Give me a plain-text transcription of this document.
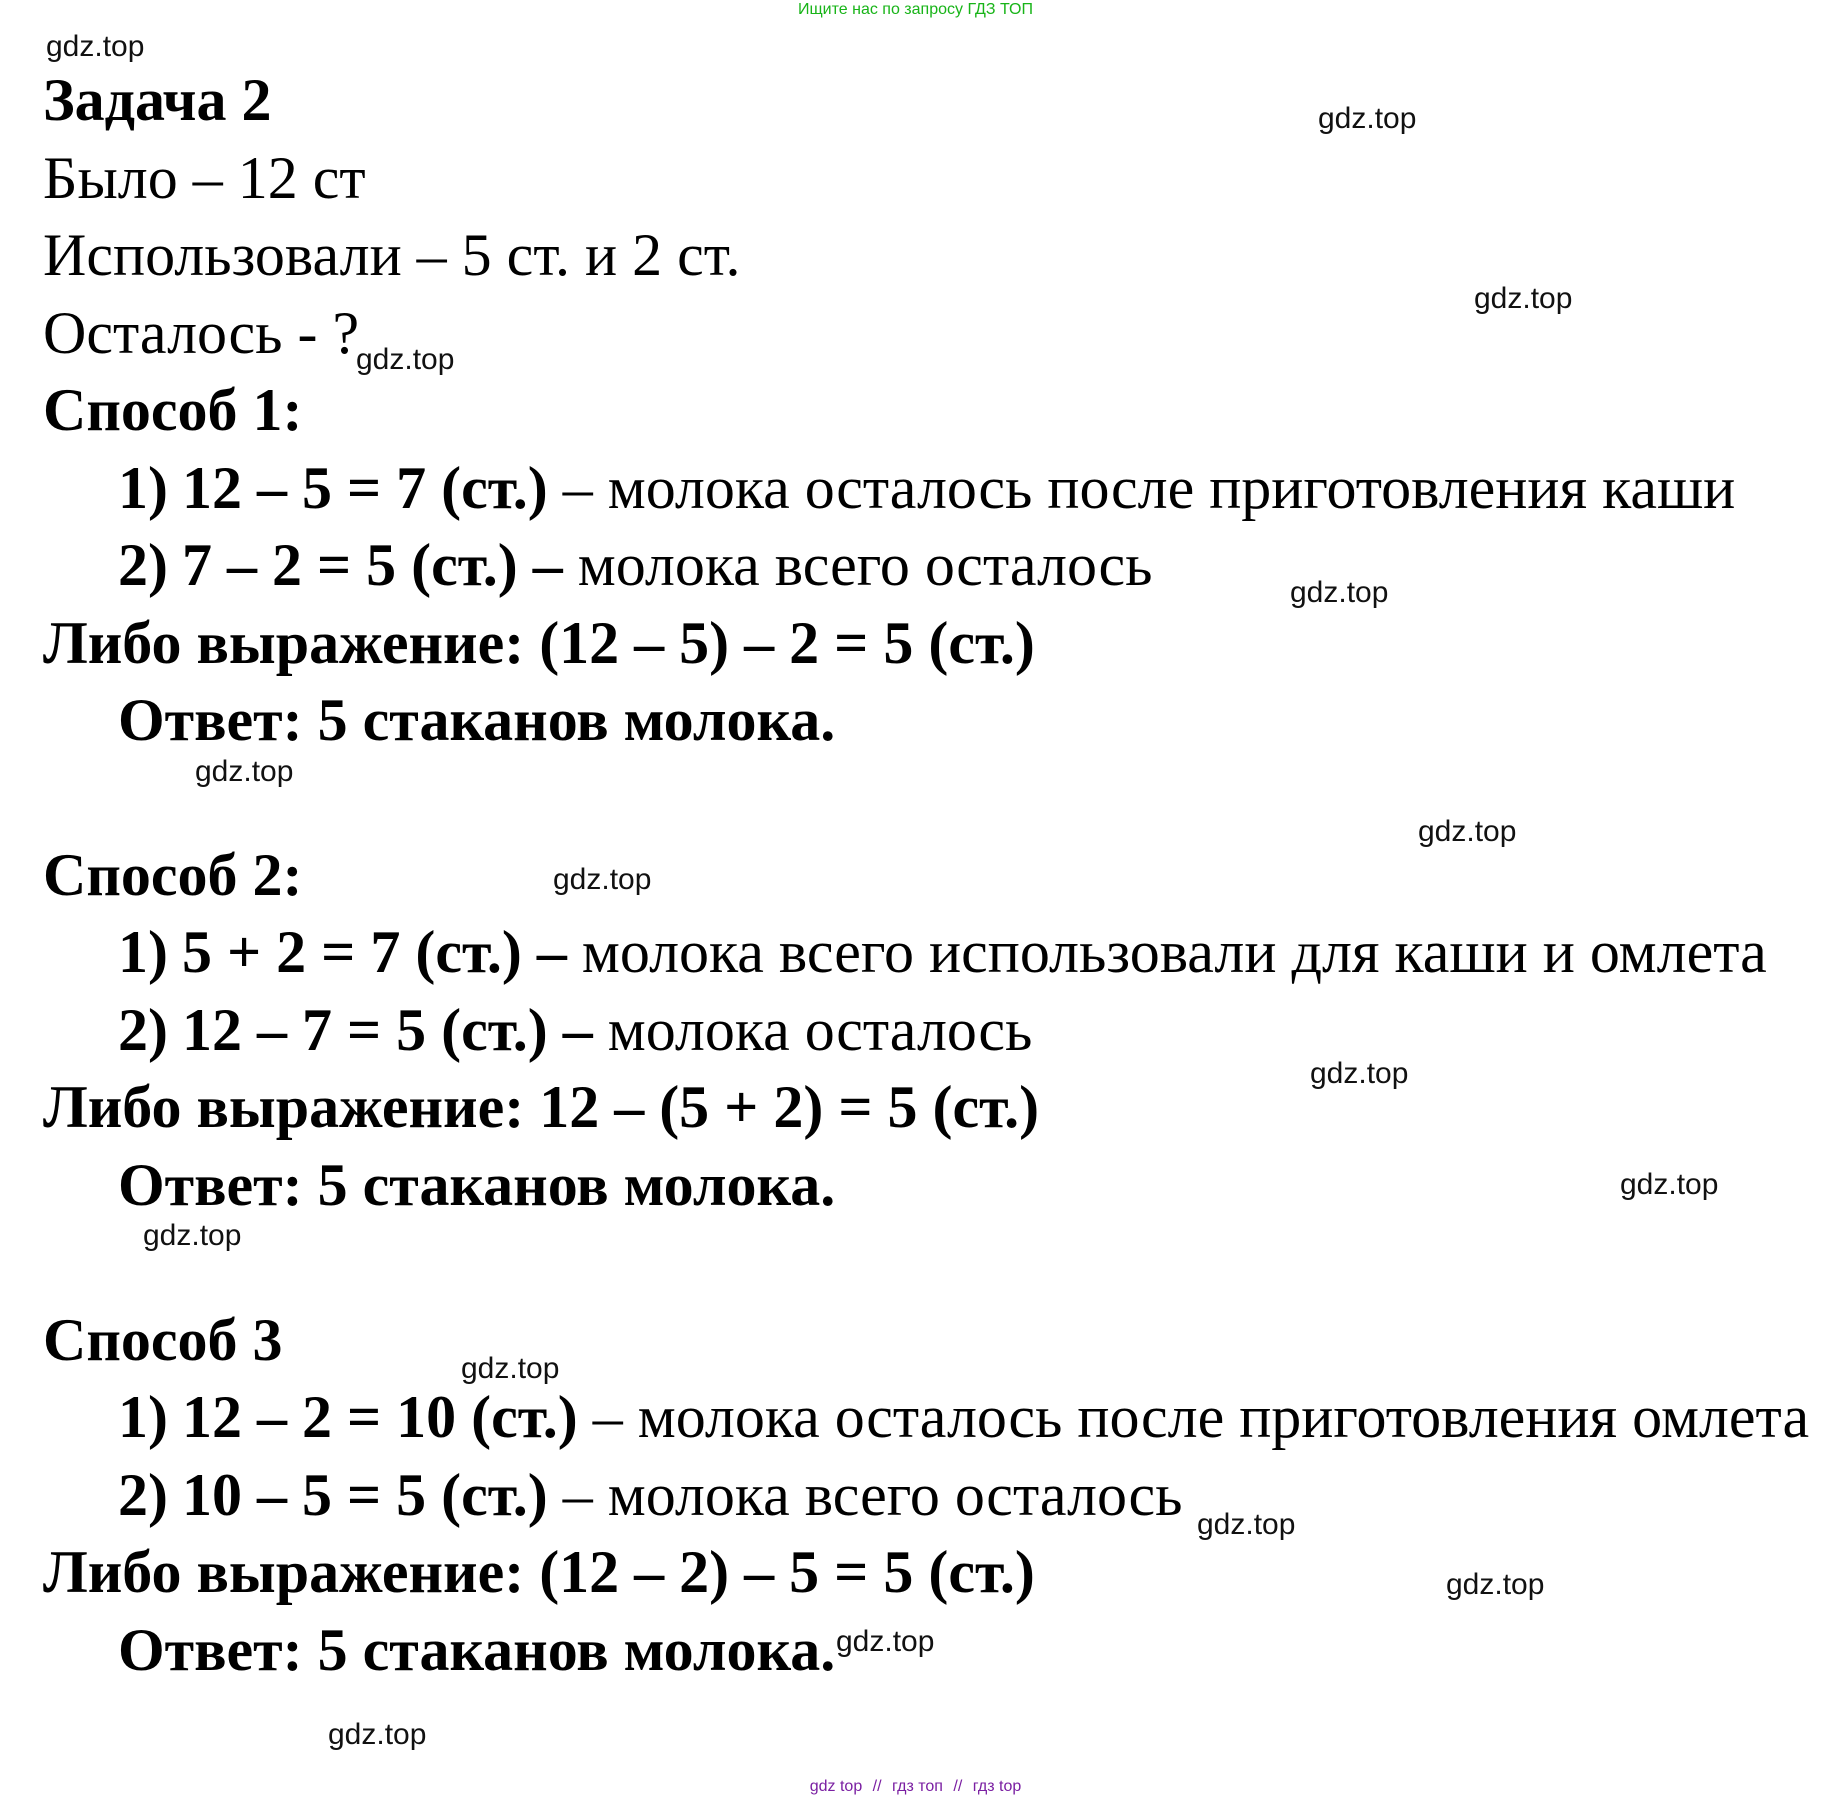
Ищите нас по запросу ГДЗ ТОП
Задача 2
Было – 12 ст
Использовали – 5 ст. и 2 ст.
Осталось - ?
Способ 1:
1) 12 – 5 = 7 (ст.) – молока осталось после приготовления каши
2) 7 – 2 = 5 (ст.) – молока всего осталось
Либо выражение: (12 – 5) – 2 = 5 (ст.)
Ответ: 5 стаканов молока.
Способ 2:
1) 5 + 2 = 7 (ст.) – молока всего использовали для каши и омлета
2) 12 – 7 = 5 (ст.) – молока осталось
Либо выражение: 12 – (5 + 2) = 5 (ст.)
Ответ: 5 стаканов молока.
Способ 3
1) 12 – 2 = 10 (ст.) – молока осталось после приготовления омлета
2) 10 – 5 = 5 (ст.) – молока всего осталось
Либо выражение: (12 – 2) – 5 = 5 (ст.)
Ответ: 5 стаканов молока.
gdz.top
gdz.top
gdz.top
gdz.top
gdz.top
gdz.top
gdz.top
gdz.top
gdz.top
gdz.top
gdz.top
gdz.top
gdz.top
gdz.top
gdz.top
gdz.top
gdz top // гдз топ // гдз top
